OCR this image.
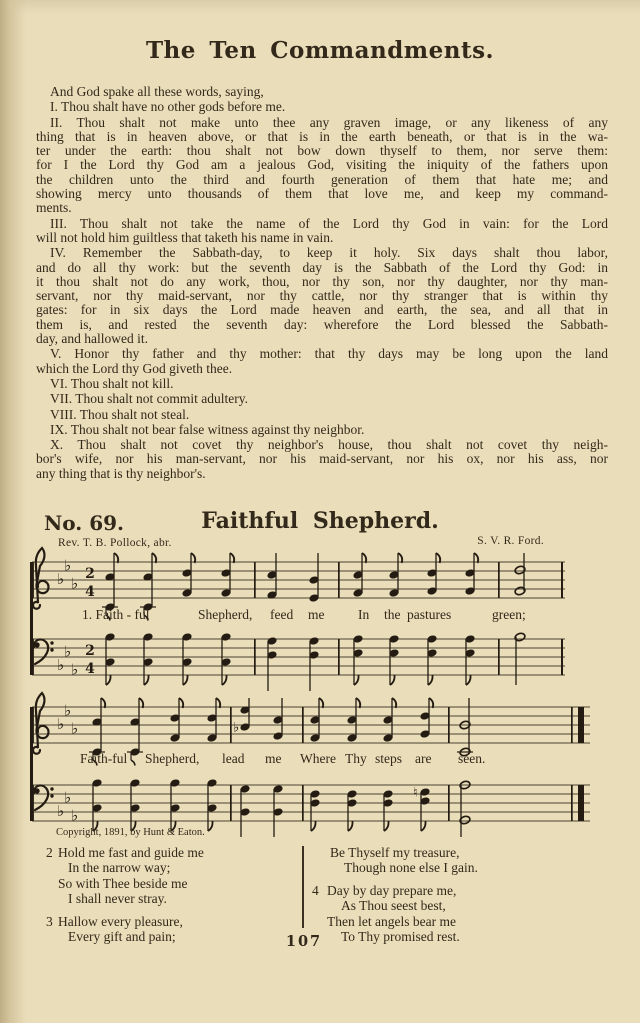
The Ten Commandments.
And God spake all these words, saying,
I. Thou shalt have no other gods before me.
II. Thou shalt not make unto thee any graven image, or any likeness of any
thing that is in heaven above, or that is in the earth beneath, or that is in the wa-
ter under the earth: thou shalt not bow down thyself to them, nor serve them:
for I the Lord thy God am a jealous God, visiting the iniquity of the fathers upon
the children unto the third and fourth generation of them that hate me; and
showing mercy unto thousands of them that love me, and keep my command-
ments.
III. Thou shalt not take the name of the Lord thy God in vain: for the Lord
will not hold him guiltless that taketh his name in vain.
IV. Remember the Sabbath-day, to keep it holy. Six days shalt thou labor,
and do all thy work: but the seventh day is the Sabbath of the Lord thy God: in
it thou shalt not do any work, thou, nor thy son, nor thy daughter, nor thy man-
servant, nor thy maid-servant, nor thy cattle, nor thy stranger that is within thy
gates: for in six days the Lord made heaven and earth, the sea, and all that in
them is, and rested the seventh day: wherefore the Lord blessed the Sabbath-
day, and hallowed it.
V. Honor thy father and thy mother: that thy days may be long upon the land
which the Lord thy God giveth thee.
VI. Thou shalt not kill.
VII. Thou shalt not commit adultery.
VIII. Thou shalt not steal.
IX. Thou shalt not bear false witness against thy neighbor.
X. Thou shalt not covet thy neighbor's house, thou shalt not covet thy neigh-
bor's wife, nor his man-servant, nor his maid-servant, nor his ox, nor his ass, nor
any thing that is thy neighbor's.
No. 69.	Faithful Shepherd.
Rev. T. B. Pollock, abr.	S. V. R. Ford.
♭
♭
♭
2
4
♭
♭
♭
2
4
1. Faith - ful	Shepherd, feed me In the pastures	green;
♭
♭
♭	♭
♭
♭
♭
♮
Faith-ful Shepherd, lead me Where Thy steps are seen.
Copyright, 1891, by Hunt & Eaton.
2 Hold me fast and guide me
In the narrow way;
So with Thee beside me
I shall never stray.
3 Hallow every pleasure,
Every gift and pain;
Be Thyself my treasure,
Though none else I gain.
4 Day by day prepare me,
As Thou seest best,
Then let angels bear me
To Thy promised rest.
107
